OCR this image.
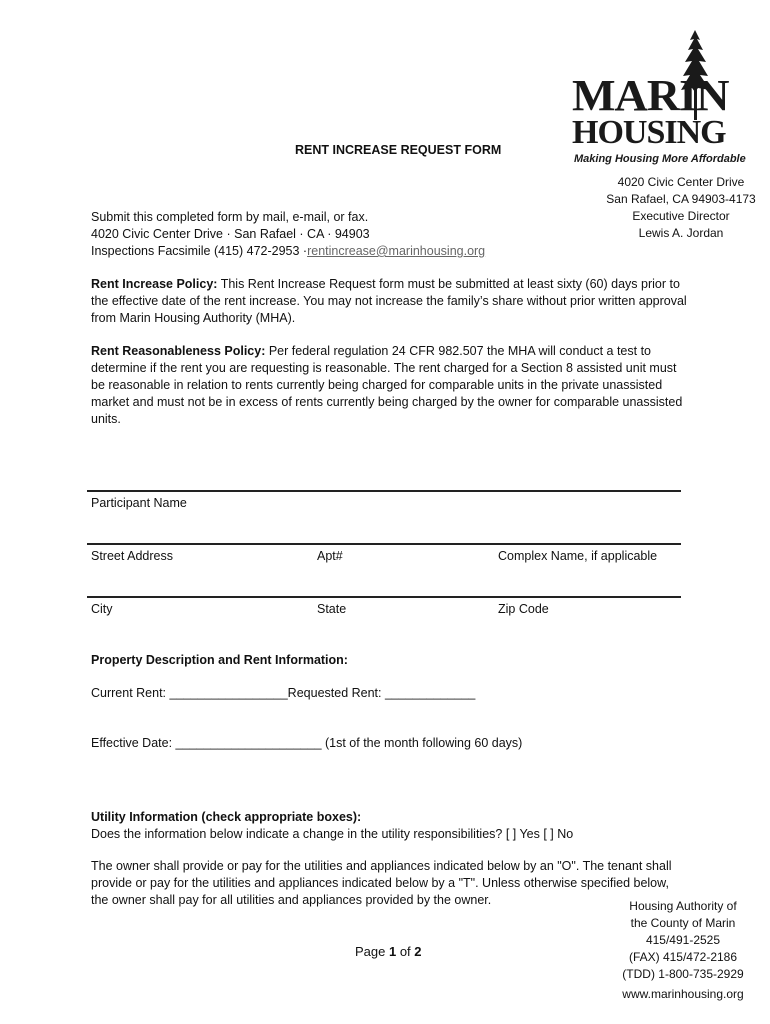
MARIN
HOUSING
Making Housing More Affordable
4020 Civic Center Drive
San Rafael, CA 94903-4173
Executive Director
Lewis A. Jordan
RENT INCREASE REQUEST FORM
Submit this completed form by mail, e-mail, or fax.
4020 Civic Center Drive · San Rafael · CA · 94903
Inspections Facsimile (415) 472-2953 ·rentincrease@marinhousing.org
Rent Increase Policy: This Rent Increase Request form must be submitted at least sixty (60) days prior to the effective date of the rent increase. You may not increase the family’s share without prior written approval from Marin Housing Authority (MHA).
Rent Reasonableness Policy: Per federal regulation 24 CFR 982.507 the MHA will conduct a test to determine if the rent you are requesting is reasonable. The rent charged for a Section 8 assisted unit must be reasonable in relation to rents currently being charged for comparable units in the private unassisted market and must not be in excess of rents currently being charged by the owner for comparable unassisted units.
Participant Name
Street Address	Apt#	Complex Name, if applicable
City	State	Zip Code
Property Description and Rent Information:
Current Rent: _________________Requested Rent: _____________
Effective Date: _____________________ (1st of the month following 60 days)
Utility Information (check appropriate boxes):
Does the information below indicate a change in the utility responsibilities? [ ] Yes [ ] No
The owner shall provide or pay for the utilities and appliances indicated below by an "O". The tenant shall provide or pay for the utilities and appliances indicated below by a "T". Unless otherwise specified below, the owner shall pay for all utilities and appliances provided by the owner.
Page 1 of 2
Housing Authority of
the County of Marin
415/491-2525
(FAX) 415/472-2186
(TDD) 1-800-735-2929
www.marinhousing.org
